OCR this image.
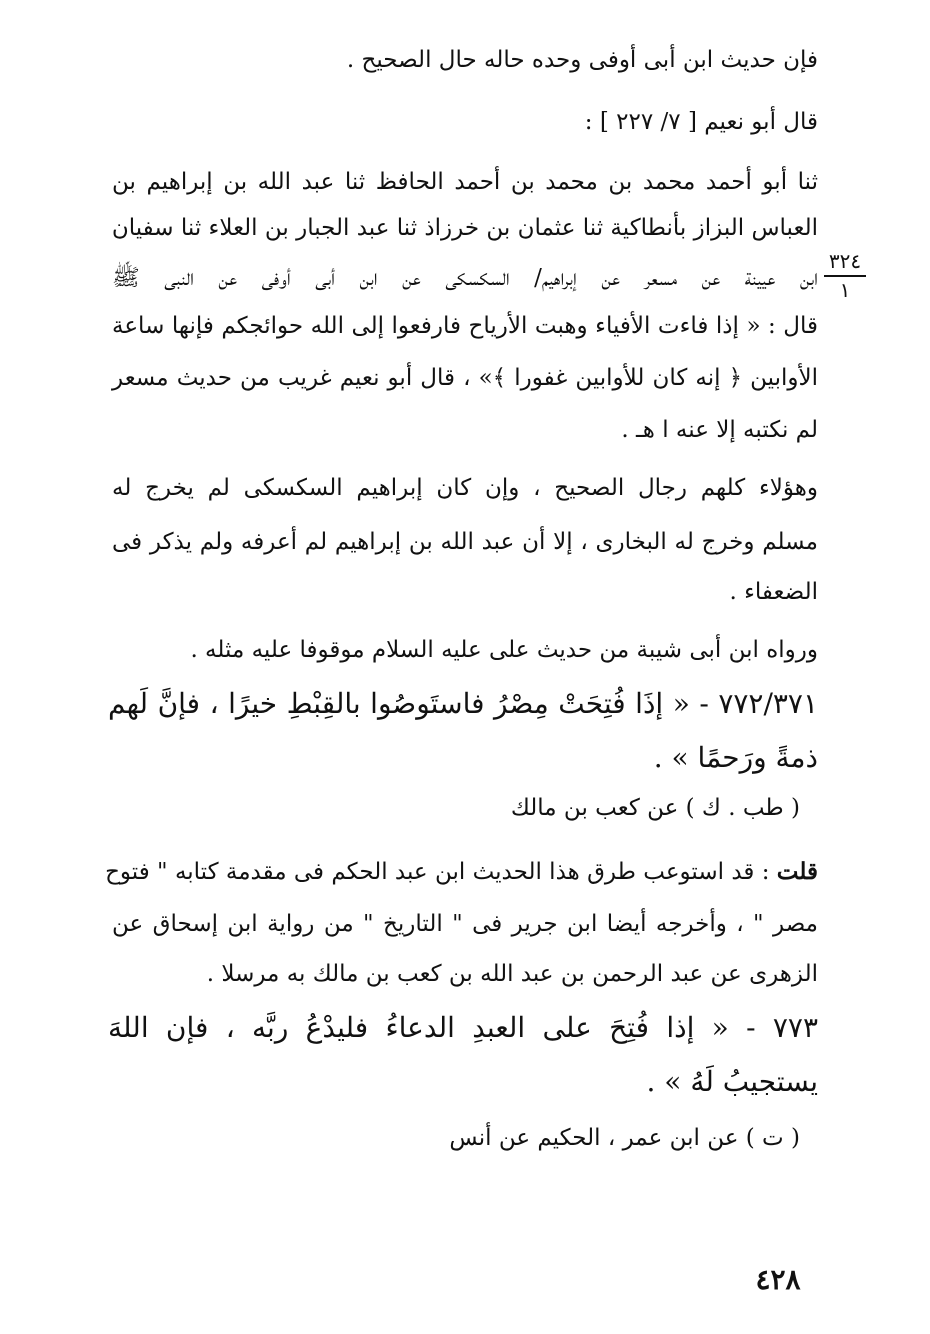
فإن حديث ابن أبى أوفى وحده حاله حال الصحيح .

قال أبو نعيم [ ٧/ ٢٢٧ ] :

ثنا أبو أحمد محمد بن محمد بن أحمد الحافظ ثنا عبد الله بن إبراهيم بن

العباس البزاز بأنطاكية ثنا عثمان بن خرزاذ ثنا عبد الجبار بن العلاء ثنا سفيان

ابن عيينة عن مسعر عن إبراهيم/ السكسكى عن ابن أبى أوفى عن النبى ﷺ

قال : « إذا فاءت الأفياء وهبت الأرياح فارفعوا إلى الله حوائجكم فإنها ساعة

الأوابين ﴿ إنه كان للأوابين غفورا ﴾» ، قال أبو نعيم غريب من حديث مسعر

لم نكتبه إلا عنه ا هـ .

وهؤلاء كلهم رجال الصحيح ، وإن كان إبراهيم السكسكى لم يخرج له

مسلم وخرج له البخارى ، إلا أن عبد الله بن إبراهيم لم أعرفه ولم يذكر فى

الضعفاء .

ورواه ابن أبى شيبة من حديث على عليه السلام موقوفا عليه مثله .

٧٧٢/٣٧١ - « إذَا فُتِحَتْ مِصْرُ فاستَوصُوا بالقِبْطِ خيرًا ، فإنَّ لَهم

ذمةً ورَحمًا » .

( طب . ك ) عن كعب بن مالك

قلت : قد استوعب طرق هذا الحديث ابن عبد الحكم فى مقدمة كتابه " فتوح

مصر " ، وأخرجه أيضا ابن جرير فى " التاريخ " من رواية ابن إسحاق عن

الزهرى عن عبد الرحمن بن عبد الله بن كعب بن مالك به مرسلا .

٧٧٣ - « إذا فُتِحَ على العبدِ الدعاءُ فليدْعُ ربَّه ، فإن اللهَ

يستجيبُ لَهُ » .

( ت ) عن ابن عمر ، الحكيم عن أنس

٣٢٤
١
٤٢٨
